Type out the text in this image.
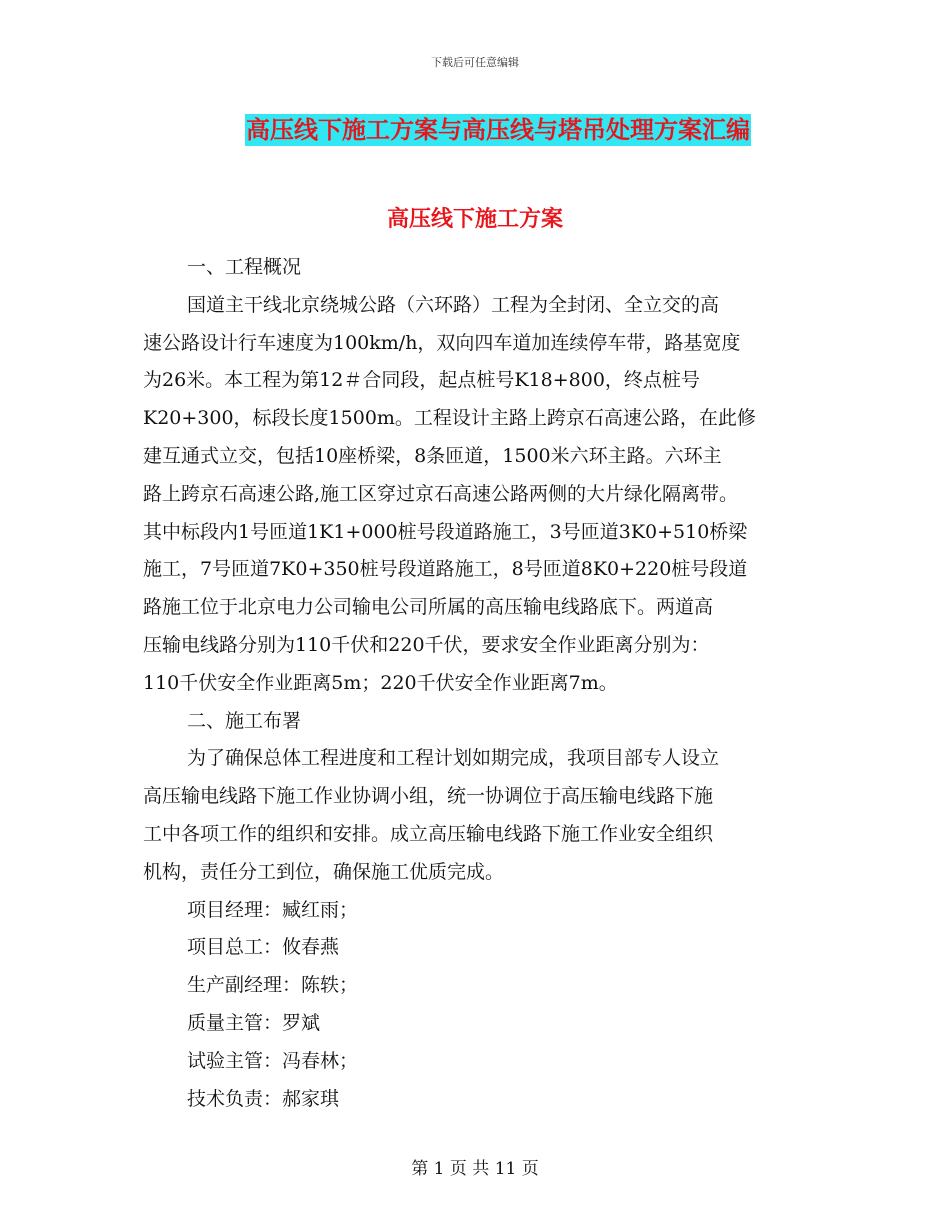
下载后可任意编辑
高压线下施工方案与高压线与塔吊处理方案汇编
高压线下施工方案

一、工程概况

国道主干线北京绕城公路（六环路）工程为全封闭、全立交的高

速公路设计行车速度为100km/h，双向四车道加连续停车带，路基宽度

为26米。本工程为第12＃合同段，起点桩号K18+800，终点桩号

K20+300，标段长度1500m。工程设计主路上跨京石高速公路，在此修

建互通式立交，包括10座桥梁，8条匝道，1500米六环主路。六环主

路上跨京石高速公路,施工区穿过京石高速公路两侧的大片绿化隔离带。

其中标段内1号匝道1K1+000桩号段道路施工，3号匝道3K0+510桥梁

施工，7号匝道7K0+350桩号段道路施工，8号匝道8K0+220桩号段道

路施工位于北京电力公司输电公司所属的高压输电线路底下。两道高

压输电线路分别为110千伏和220千伏，要求安全作业距离分别为：

110千伏安全作业距离5m；220千伏安全作业距离7m。

二、施工布署

为了确保总体工程进度和工程计划如期完成，我项目部专人设立

高压输电线路下施工作业协调小组，统一协调位于高压输电线路下施

工中各项工作的组织和安排。成立高压输电线路下施工作业安全组织

机构，责任分工到位，确保施工优质完成。

项目经理：臧红雨；

项目总工：攸春燕

生产副经理：陈轶；

质量主管：罗斌

试验主管：冯春林；

技术负责：郝家琪

第 1 页 共 11 页
